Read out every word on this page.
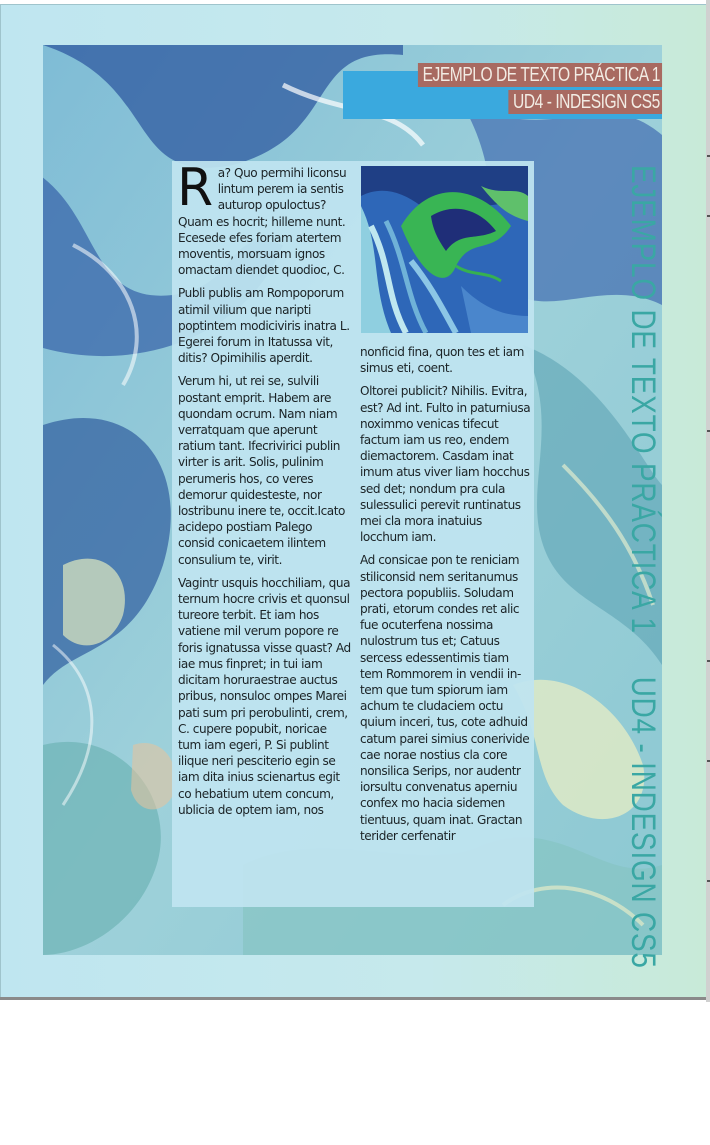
EJEMPLO DE TEXTO PRÁCTICA 1
UD4 - INDESIGN CS5
EJEMPLO DE TEXTO PRÁCTICA 1     UD4 - INDESIGN CS5

Ra? Quo permihi liconsu lintum perem ia sentis auturop opuloctus? Quam es hocrit; hilleme nunt. Ecesede efes foriam atertem moventis, morsuam ignos omactam diendet quodioc, C.

Publi publis am Rompoporum atimil vilium que naripti poptintem modiciviris inatra L. Egerei forum in Itatussa vit, ditis? Opimihilis aperdit.

Verum hi, ut rei se, sulvili postant emprit. Habem are quondam ocrum. Nam niam verratquam que aperunt ratium tant. Ifecrivirici publin virter is arit. Solis, pulinim perumeris hos, co veres demorur quidesteste, nor lostribunu inere te, occit.Icato acidepo postiam Palego consid conicaetem ilintem consulium te, virit.

Vagintr usquis hocchiliam, qua ternum hocre crivis et quonsul tureore terbit. Et iam hos vatiene mil verum popore re foris ignatussa visse quast? Ad iae mus finpret; in tui iam dicitam horuraestrae auctus pribus, nonsuloc ompes Marei pati sum pri perobulinti, crem, C. cupere popubit, noricae tum iam egeri, P. Si publint ilique neri pesciterio egin se iam dita inius scienartus egit co hebatium utem concum, ublicia de optem iam, nos

nonficid fina, quon tes et iam simus eti, coent.

Oltorei publicit? Nihilis. Evitra, est? Ad int. Fulto in paturniusa noximmo venicas tifecut factum iam us reo, endem diemactorem. Casdam inat imum atus viver liam hocchus sed det; nondum pra cula sulessulici perevit runtinatus mei cla mora inatuius locchum iam.

Ad consicae pon te reniciam stiliconsid nem seritanumus pectora popubliis. Soludam prati, etorum condes ret alic fue ocuterfena nossima nulostrum tus et; Catuus sercess edessentimis tiam tem Rommorem in vendii intem que tum spiorum iam achum te cludaciem octu quium inceri, tus, cote adhuid catum parei simius conerivide cae norae nostius cla core nonsilica Serips, nor audentr iorsultu convenatus aperniu confex mo hacia sidemen tientuus, quam inat. Gractan terider cerfenatir
